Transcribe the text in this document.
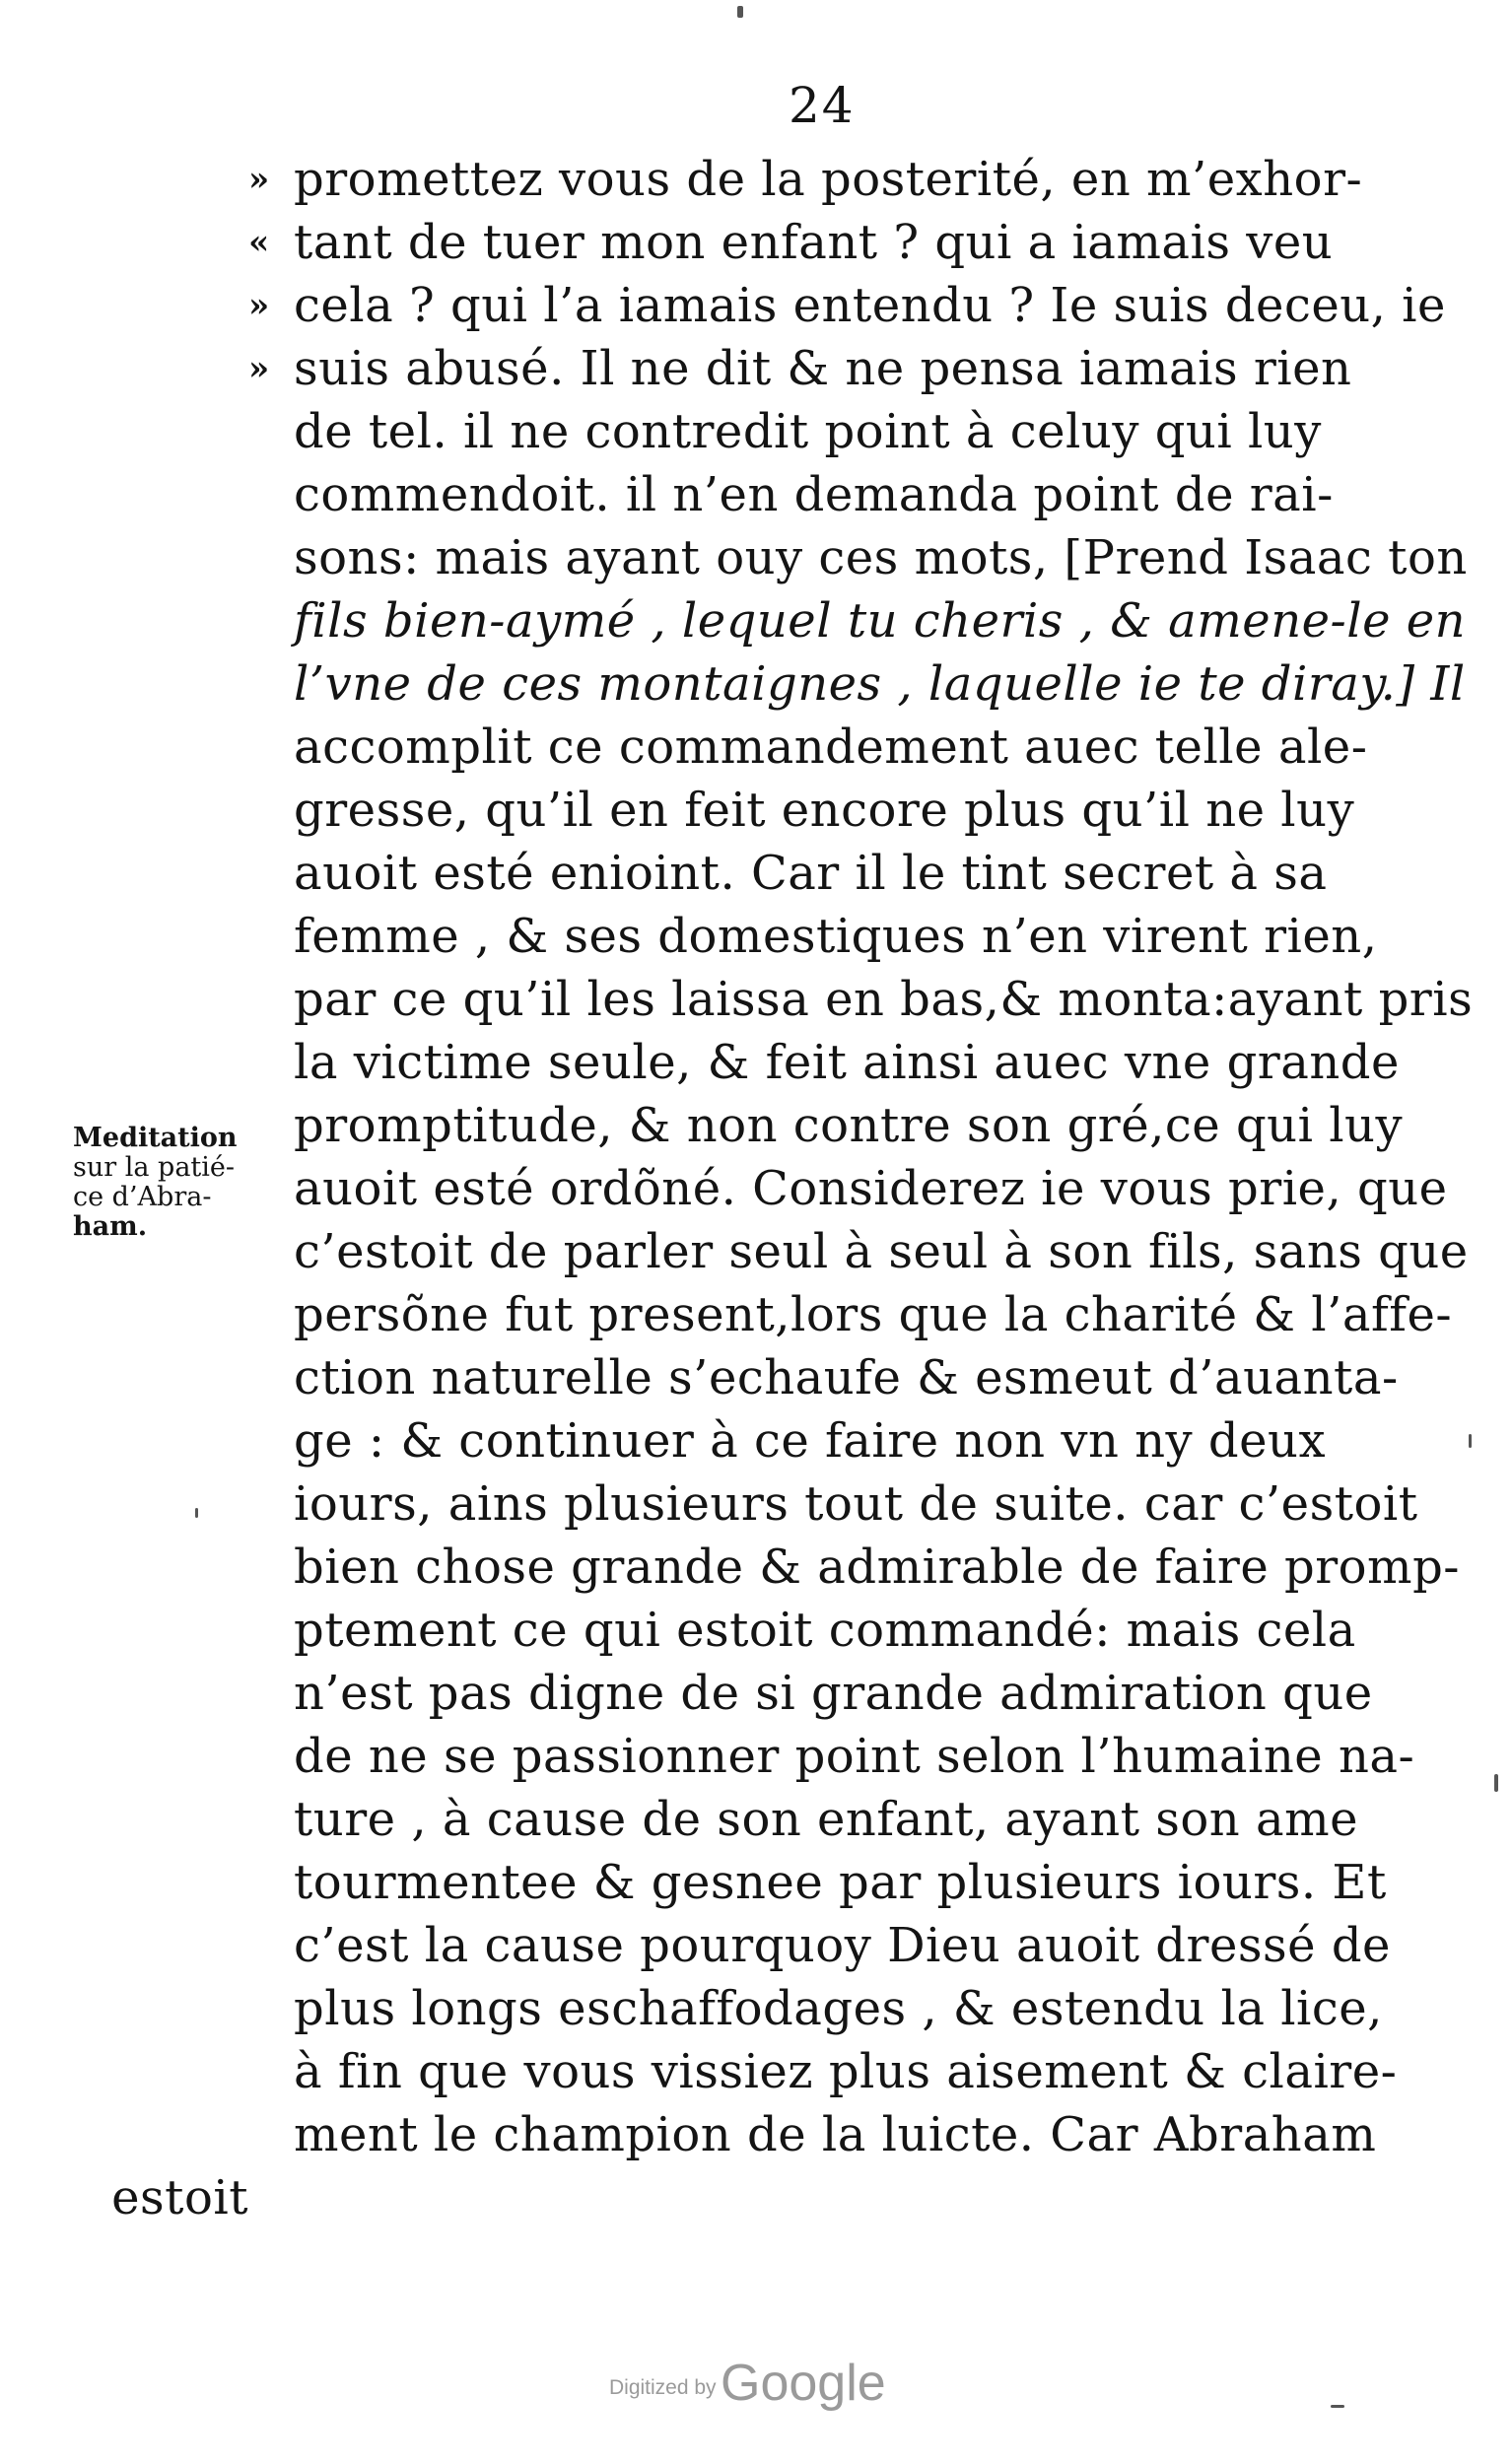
24
» promettez vous de la posterité, en m’exhor-
« tant de tuer mon enfant ? qui a iamais veu
» cela ? qui l’a iamais entendu ? Ie suis deceu, ie
» suis abusé. Il ne dit & ne pensa iamais rien
de tel. il ne contredit point à celuy qui luy
commendoit. il n’en demanda point de rai-
sons: mais ayant ouy ces mots, [Prend Isaac ton
fils bien-aymé , lequel tu cheris , & amene-le en
l’vne de ces montaignes , laquelle ie te diray.] Il
accomplit ce commandement auec telle ale-
gresse, qu’il en feit encore plus qu’il ne luy
auoit esté enioint. Car il le tint secret à sa
femme , & ses domestiques n’en virent rien,
par ce qu’il les laissa en bas,& monta:ayant pris
la victime seule, & feit ainsi auec vne grande
promptitude, & non contre son gré,ce qui luy
auoit esté ordõné. Considerez ie vous prie, que
c’estoit de parler seul à seul à son fils, sans que
persõne fut present,lors que la charité & l’affe-
ction naturelle s’echaufe & esmeut d’auanta-
ge : & continuer à ce faire non vn ny deux
iours, ains plusieurs tout de suite. car c’estoit
bien chose grande & admirable de faire promp-
ptement ce qui estoit commandé: mais cela
n’est pas digne de si grande admiration que
de ne se passionner point selon l’humaine na-
ture , à cause de son enfant, ayant son ame
tourmentee & gesnee par plusieurs iours. Et
c’est la cause pourquoy Dieu auoit dressé de
plus longs eschaffodages , & estendu la lice,
à fin que vous vissiez plus aisement & claire-
ment le champion de la luicte. Car Abraham
estoit
Meditation
sur la patié-
ce d’Abra-
ham.
Digitized by Google
